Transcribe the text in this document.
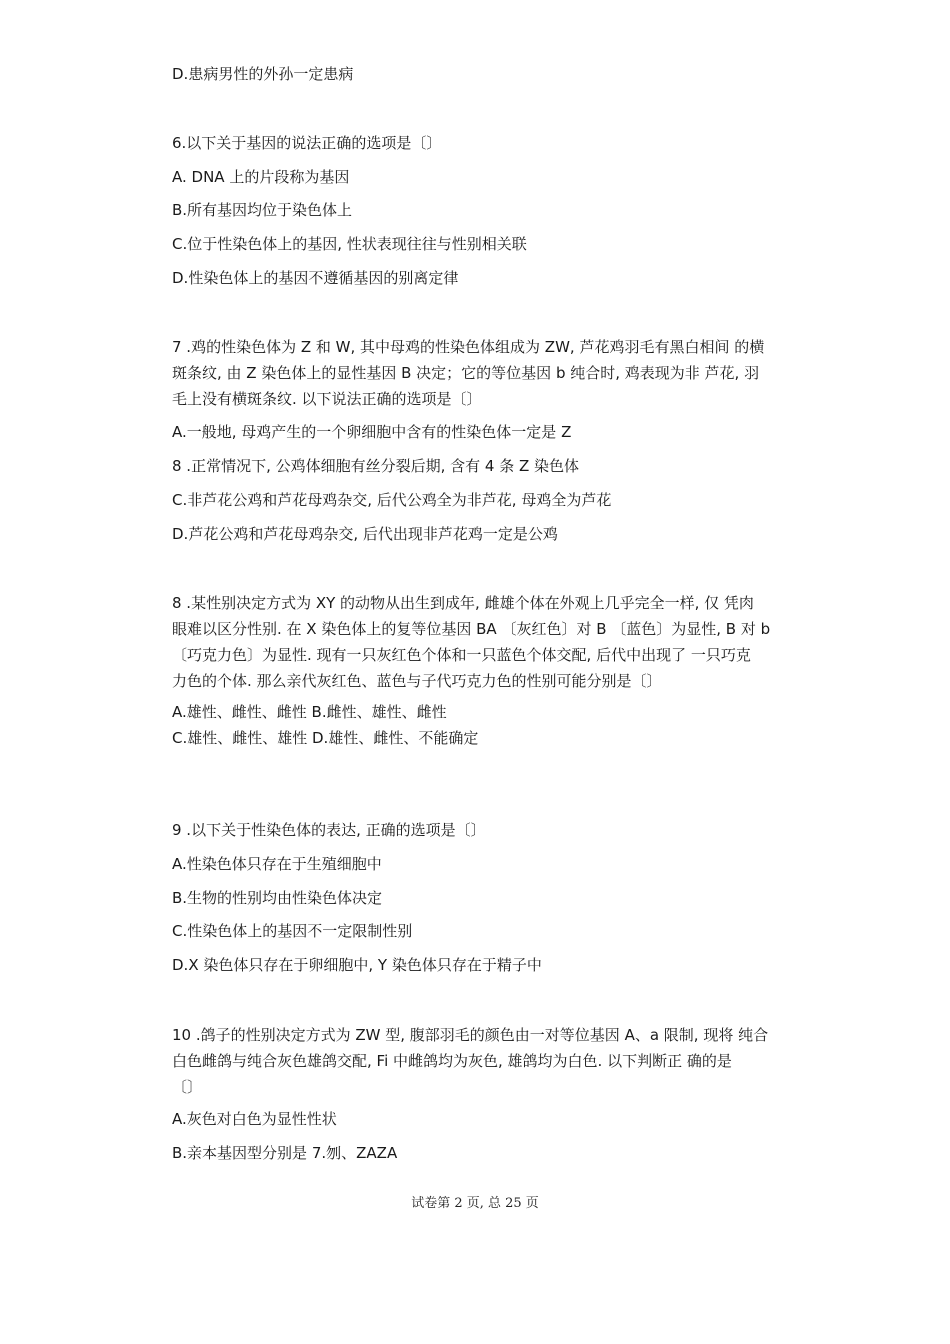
D.患病男性的外孙一定患病
6.以下关于基因的说法正确的选项是〔〕
A. DNA 上的片段称为基因
B.所有基因均位于染色体上
C.位于性染色体上的基因, 性状表现往往与性别相关联
D.性染色体上的基因不遵循基因的别离定律
7 .鸡的性染色体为 Z 和 W, 其中母鸡的性染色体组成为 ZW, 芦花鸡羽毛有黑白相间 的横
斑条纹, 由 Z 染色体上的显性基因 B 决定；它的等位基因 b 纯合时, 鸡表现为非 芦花, 羽
毛上没有横斑条纹. 以下说法正确的选项是〔〕
A.一般地, 母鸡产生的一个卵细胞中含有的性染色体一定是 Z
8 .正常情况下, 公鸡体细胞有丝分裂后期, 含有 4 条 Z 染色体
C.非芦花公鸡和芦花母鸡杂交, 后代公鸡全为非芦花, 母鸡全为芦花
D.芦花公鸡和芦花母鸡杂交, 后代出现非芦花鸡一定是公鸡
8 .某性别决定方式为 XY 的动物从出生到成年, 雌雄个体在外观上几乎完全一样, 仅 凭肉
眼难以区分性别. 在 X 染色体上的复等位基因 BA 〔灰红色〕对 B 〔蓝色〕为显性, B 对 b
〔巧克力色〕为显性. 现有一只灰红色个体和一只蓝色个体交配, 后代中出现了 一只巧克
力色的个体. 那么亲代灰红色、蓝色与子代巧克力色的性别可能分别是〔〕
A.雄性、雌性、雌性 B.雌性、雄性、雌性
C.雄性、雌性、雄性 D.雄性、雌性、不能确定
9 .以下关于性染色体的表达, 正确的选项是〔〕
A.性染色体只存在于生殖细胞中
B.生物的性别均由性染色体决定
C.性染色体上的基因不一定限制性别
D.X 染色体只存在于卵细胞中, Y 染色体只存在于精子中
10 .鸽子的性别决定方式为 ZW 型, 腹部羽毛的颜色由一对等位基因 A、a 限制, 现将 纯合
白色雌鸽与纯合灰色雄鸽交配, Fi 中雌鸽均为灰色, 雄鸽均为白色. 以下判断正 确的是
〔〕
A.灰色对白色为显性性状
B.亲本基因型分别是 7.刎、ZAZA
试卷第 2 页, 总 25 页
